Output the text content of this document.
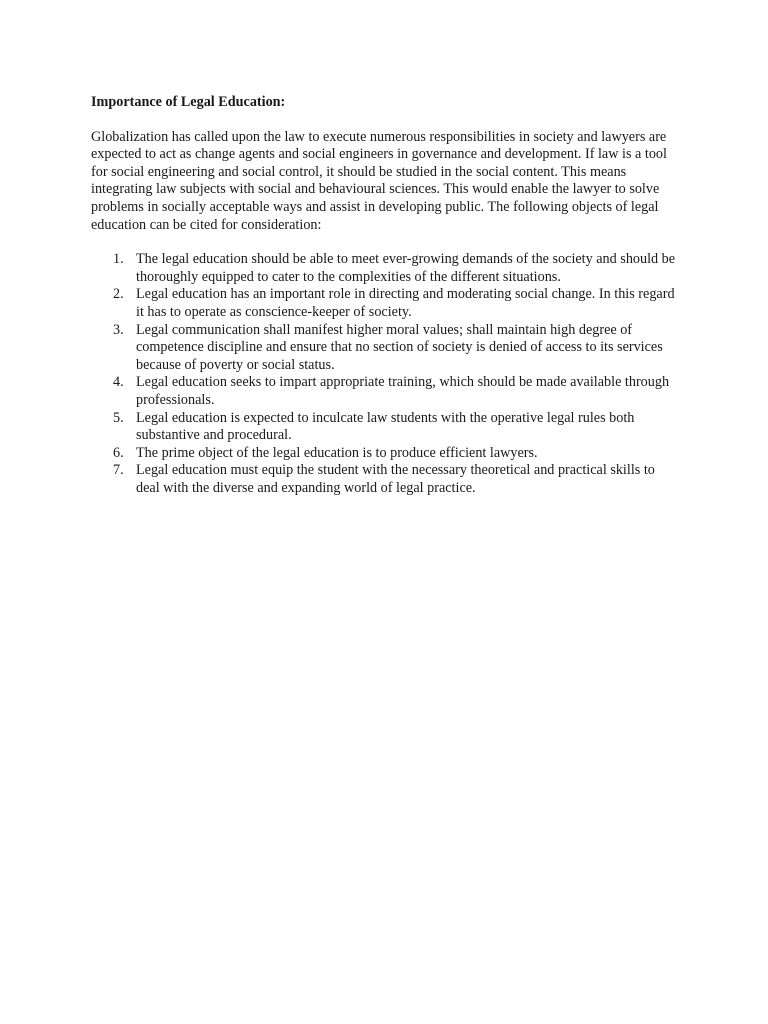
Importance of Legal Education:

Globalization has called upon the law to execute numerous responsibilities in society and lawyers are expected to act as change agents and social engineers in governance and development. If law is a tool for social engineering and social control, it should be studied in the social content. This means integrating law subjects with social and behavioural sciences. This would enable the lawyer to solve problems in socially acceptable ways and assist in developing public. The following objects of legal education can be cited for consideration:

1. The legal education should be able to meet ever-growing demands of the society and should be thoroughly equipped to cater to the complexities of the different situations.
2. Legal education has an important role in directing and moderating social change. In this regard it has to operate as conscience-keeper of society.
3. Legal communication shall manifest higher moral values; shall maintain high degree of competence discipline and ensure that no section of society is denied of access to its services because of poverty or social status.
4. Legal education seeks to impart appropriate training, which should be made available through professionals.
5. Legal education is expected to inculcate law students with the operative legal rules both substantive and procedural.
6. The prime object of the legal education is to produce efficient lawyers.
7. Legal education must equip the student with the necessary theoretical and practical skills to deal with the diverse and expanding world of legal practice.
